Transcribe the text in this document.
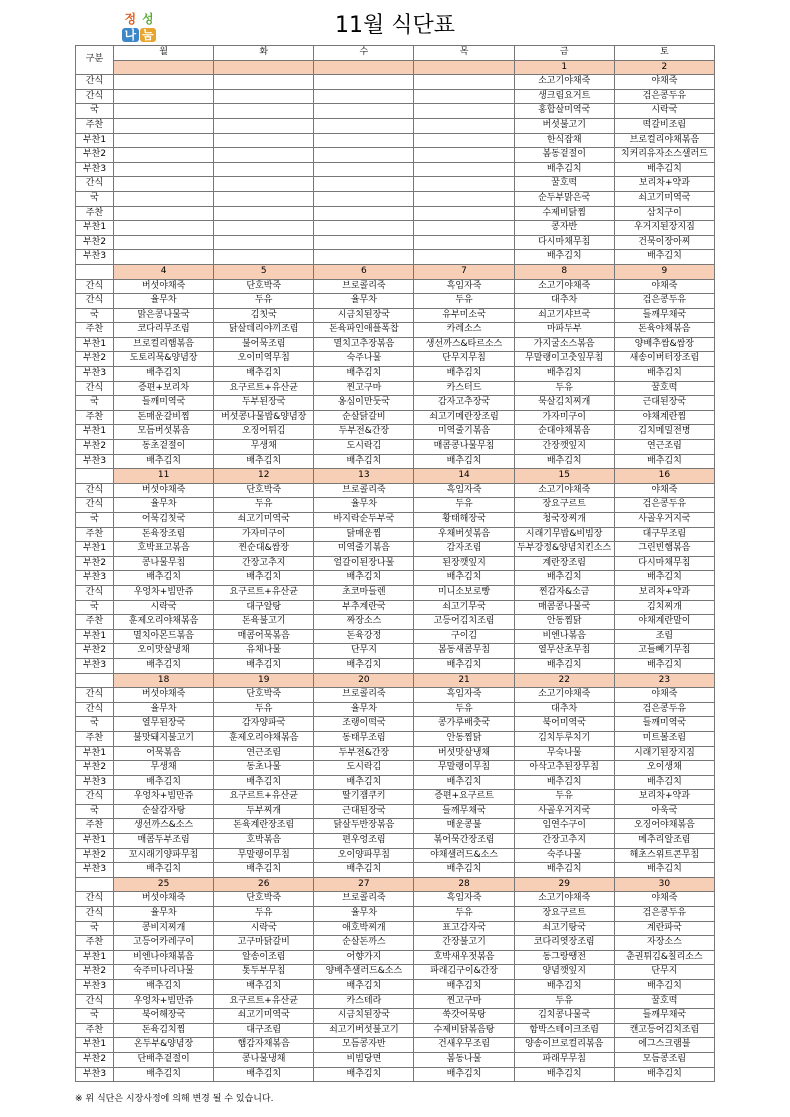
정 성
나 눔	11월 식단표
구분	월	화	수	목	금	토
					1	2
간식					소고기야채죽	야채죽
간식					생크림요거트	검은콩두유
국					홍합살미역국	시락국
주찬					버섯불고기	떡갈비조림
부찬1					한식잡채	브로컬리야채볶음
부찬2					봄동겉절이	치커리유자소스샐러드
부찬3					배추김치	배추김치
간식					꿀호떡	보리차+약과
국					순두부맑은국	쇠고기미역국
주찬					수제비닭찜	삼치구이
부찬1					콩자반	우거지된장지짐
부찬2					다시마채무침	건묵이장아찌
부찬3					배추김치	배추김치
	4	5	6	7	8	9
간식	버섯야채죽	단호박죽	브로콜리죽	흑임자죽	소고기야채죽	야채죽
간식	율무차	두유	율무차	두유	대추차	검은콩두유
국	맑은콩나물국	김칫국	시금치된장국	유부미소국	쇠고기샤브국	들깨무채국
주찬	코다리무조림	닭살데리야끼조림	돈육파인애플폭찹	카레소스	마파두부	돈육야채볶음
부찬1	브로컬리햄볶음	불어묵조림	멸치고추장볶음	생선까스&타르소스	가지굴소스볶음	양배추쌈&쌈장
부찬2	도토리묵&양념장	오이미역무침	숙주나물	단무지무침	무말랭이고춧잎무침	새송이버터장조림
부찬3	배추김치	배추김치	배추김치	배추김치	배추김치	배추김치
간식	증편+보리차	요구르트+유산균	찐고구마	카스터드	두유	꿀호떡
국	들깨미역국	두부된장국	옹심이만둣국	감자고추장국	묵살김치찌개	근대된장국
주찬	돈매운갈비찜	버섯콩나물밥&양념장	순살닭갈비	쇠고기메란장조림	가자미구이	야채계란찜
부찬1	모듬버섯볶음	오징어튀김	두부전&간장	미역줄기볶음	순대야채볶음	김치메밀전병
부찬2	동초겉절이	무생채	도시락김	매콤콩나물무침	간장깻잎지	연근조림
부찬3	배추김치	배추김치	배추김치	배추김치	배추김치	배추김치
	11	12	13	14	15	16
간식	버섯야채죽	단호박죽	브로콜리죽	흑임자죽	소고기야채죽	야채죽
간식	율무차	두유	율무차	두유	장요구르트	검은콩두유
국	어묵김칫국	쇠고기미역국	바지락순두부국	황태해장국	청국장찌개	사골우거지국
주찬	돈육장조림	가자미구이	닭매운찜	우채버섯볶음	시래기무밥&비빔장	대구무조림
부찬1	호박표고볶음	찐순대&쌈장	미역줄기볶음	감자조림	두부강정&양념치킨소스	그린빈햄볶음
부찬2	콩나물무침	간장고추지	얼갈이된장나물	된장깻잎지	계란장조림	다시마채무침
부찬3	배추김치	배추김치	배추김치	배추김치	배추김치	배추김치
간식	우엉차+빔만쥬	요구르트+유산균	초코마들렌	미니소보로빵	찐감자&소금	보리차+약과
국	시락국	대구알탕	부추계란국	쇠고기무국	매콤콩나물국	김치찌개
주찬	훈제오리야채볶음	돈육불고기	짜장소스	고등어김치조림	안동찜닭	야채계란말이
부찬1	멸치아몬드볶음	매콤어묵볶음	돈육강정	구이김	비엔나볶음	조림
부찬2	오이맛살냉채	유채나물	단무지	봄동새콤무침	열무산초무침	고들빼기무침
부찬3	배추김치	배추김치	배추김치	배추김치	배추김치	배추김치
	18	19	20	21	22	23
간식	버섯야채죽	단호박죽	브로콜리죽	흑임자죽	소고기야채죽	야채죽
간식	율무차	두유	율무차	두유	대추차	검은콩두유
국	열무된장국	감자양파국	조랭이떡국	콩가루배춧국	북어미역국	들깨미역국
주찬	불맛돼지불고기	훈제오리야채볶음	동태무조림	안동찜닭	김치두루치기	미트볼조림
부찬1	어묵볶음	연근조림	두부전&간장	버섯맛살냉채	무숙나물	시래기된장지짐
부찬2	무생채	동초나물	도시락김	무말랭이무침	아삭고추된장무침	오이생채
부찬3	배추김치	배추김치	배추김치	배추김치	배추김치	배추김치
간식	우엉차+빔만쥬	요구르트+유산균	딸기잼쿠키	증편+요구르트	두유	보리차+약과
국	순살감자탕	두부찌개	근대된장국	들깨무채국	사골우거지국	아욱국
주찬	생선까스&소스	돈육계란장조림	닭살두반장볶음	매운콩불	임연수구이	오징어야채볶음
부찬1	매콤두부조림	호박볶음	편우엉조림	볶어묵간장조림	간장고추지	메추리알조림
부찬2	꼬시래기양파무침	무말랭이무침	오이양파무침	야채샐러드&소스	숙주나물	해초스위트콘무침
부찬3	배추김치	배추김치	배추김치	배추김치	배추김치	배추김치
	25	26	27	28	29	30
간식	버섯야채죽	단호박죽	브로콜리죽	흑임자죽	소고기야채죽	야채죽
간식	율무차	두유	율무차	두유	장요구르트	검은콩두유
국	콩비지찌개	시락국	애호박찌개	표고감자국	쇠고기탕국	계란파국
주찬	고등어카레구이	고구마닭갈비	순살돈까스	간장불고기	코다리엿장조림	자장소스
부찬1	비엔나야채볶음	알송이조림	어향가지	호박새우젓볶음	동그랑땡전	춘권튀김&칠리소스
부찬2	숙주미나리나물	톳두부무침	양배추샐러드&소스	파래김구이&간장	양념깻잎지	단무지
부찬3	배추김치	배추김치	배추김치	배추김치	배추김치	배추김치
간식	우엉차+빔만쥬	요구르트+유산균	카스테라	찐고구마	두유	꿀호떡
국	북어해장국	쇠고기미역국	시금치된장국	쑥갓어묵탕	김치콩나물국	들깨무채국
주찬	돈육김치찜	대구조림	쇠고기버섯불고기	수제비닭볶음탕	함박스테이크조림	캔고등어김치조림
부찬1	온두부&양념장	햄감자채볶음	모듬콩자반	건새우무조림	양송이브로컬리볶음	에그스크램블
부찬2	단배추겉절이	콩나물냉채	비빔당면	봄동나물	파래무무침	모듬콩조림
부찬3	배추김치	배추김치	배추김치	배추김치	배추김치	배추김치
※ 위 식단은 시장사정에 의해 변경 될 수 있습니다.
